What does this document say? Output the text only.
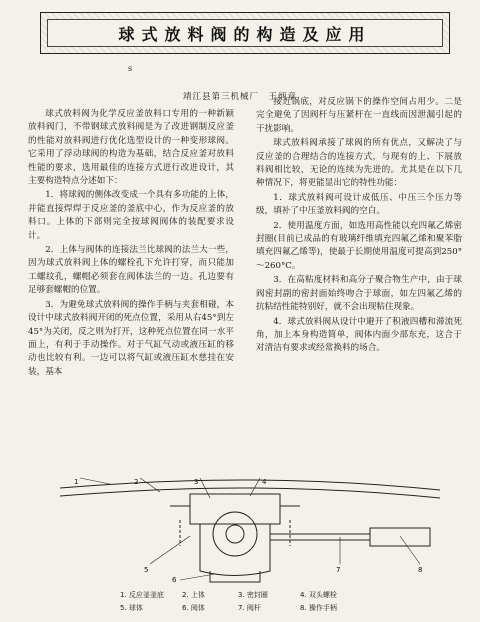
球式放料阀的构造及应用
s
靖江县第三机械厂　王炳章

球式放料阀为化学反应釜放料口专用的一种新颖放料阀门，不带钢球式放料阀是为了改进钢制反应釜的性能对放料阀进行优化选型设计的一种变形球阀。它采用了浮动球阀的构造为基础，结合反应釜对放料性能的要求，选用最佳的连接方式进行改进设计，其主要构造特点分述如下：

1．将球阀的侧体改变成一个具有多功能的上体，并能直接焊焊于反应釜的釜底中心，作为反应釜的放料口。上体的下部则完全按球阀阀体的装配要求设计。

2．上体与阀体的连接法兰比球阀的法兰大一些，因为球式放料阀上体的螺栓孔下允许打穿，而只能加工螺纹孔，螺帽必须套在阀体法兰的一边。孔边要有足够套螺帽的位置。

3．为避免球式放料阀的操作手柄与夹套相碰，本设计中球式放料阀开闭的死点位置，采用从右45°到左45°为关闭，反之则为打开，这种死点位置在同一水平面上，有利于手动操作。对于气缸气动或液压缸的移动也比较有利。一边可以将气缸或液压缸水慈挂在安装，基本

接近锅底，对反应锅下的操作空间占用少。二是完全避免了因阀杆与压紧杆在一直线而因泄漏引起的干扰影响。

球式放料阀承接了球阀的所有优点，又解决了与反应釜的合理结合的连接方式，与现有的上、下展放料阀相比较，无论的连续为先进的。尤其是在以下几种情况下，将更能显出它的特性功能：

1．球式放料阀可设计成低压、中压三个压力等级，填补了中压釜放料阀的空白。

2．使用温度方面，如选用高性能以充四氟乙烯密封圈(目前已成品的有玻璃纤维填充四氟乙烯和聚苯脂填充四氟乙烯等)，使最于长期使用温度可提高到250°～260°C。

3．在高粘度材料和高分子聚合物生产中，由于球阀密封副的密封面始终吻合于球面，如左四氟乙烯的抗粘结性能特别好，就不会出现粘住现象。

4．球式放料阀从设计中避开了积液四槽和滞流死角，加上本身构造简单，阀体内面少部东充，这合于对清洁有要求或经常换料的场合。

1	2	3	4
5
6
7	8
1. 反应釜釜底	2. 上体	3. 密封圈	4. 双头螺栓
5. 球体	6. 阀体	7. 阀杆	8. 操作手柄
